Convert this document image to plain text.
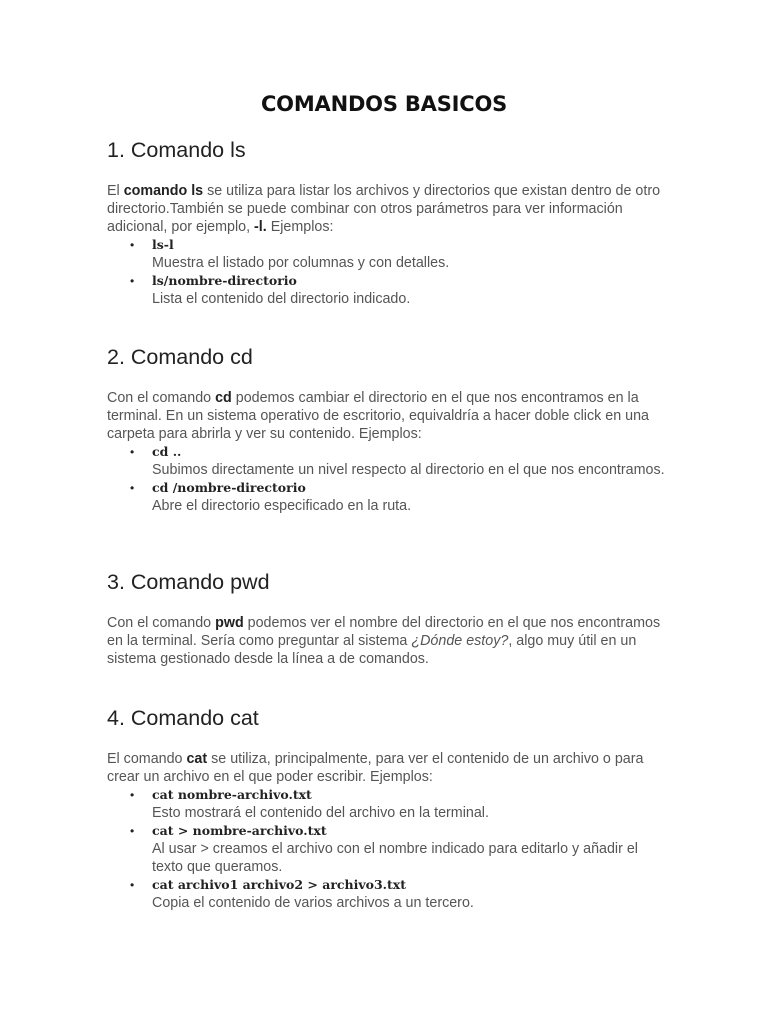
COMANDOS BASICOS
1. Comando ls

El comando ls se utiliza para listar los archivos y directorios que existan dentro de otro directorio.También se puede combinar con otros parámetros para ver información adicional, por ejemplo, -l. Ejemplos:

• ls-l
Muestra el listado por columnas y con detalles.
• ls/nombre-directorio
Lista el contenido del directorio indicado.
2. Comando cd

Con el comando cd podemos cambiar el directorio en el que nos encontramos en la terminal. En un sistema operativo de escritorio, equivaldría a hacer doble click en una carpeta para abrirla y ver su contenido. Ejemplos:

• cd ..
Subimos directamente un nivel respecto al directorio en el que nos encontramos.
• cd /nombre-directorio
Abre el directorio especificado en la ruta.
3. Comando pwd

Con el comando pwd podemos ver el nombre del directorio en el que nos encontramos en la terminal. Sería como preguntar al sistema ¿Dónde estoy?, algo muy útil en un sistema gestionado desde la línea a de comandos.

4. Comando cat

El comando cat se utiliza, principalmente, para ver el contenido de un archivo o para crear un archivo en el que poder escribir. Ejemplos:

• cat nombre-archivo.txt
Esto mostrará el contenido del archivo en la terminal.
• cat > nombre-archivo.txt
Al usar > creamos el archivo con el nombre indicado para editarlo y añadir el texto que queramos.
• cat archivo1 archivo2 > archivo3.txt
Copia el contenido de varios archivos a un tercero.
